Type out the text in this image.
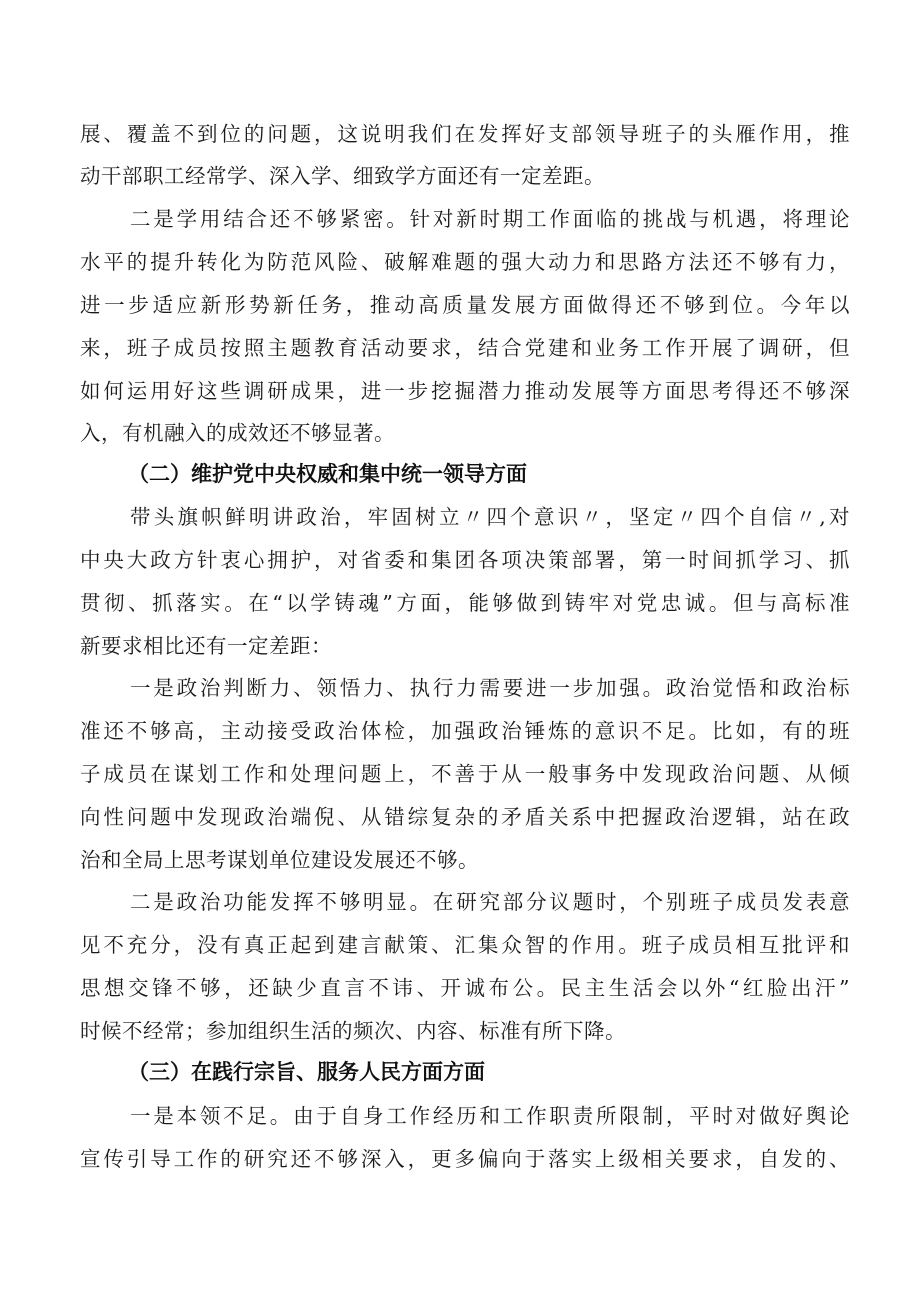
展、覆盖不到位的问题，这说明我们在发挥好支部领导班子的头雁作用，推
动干部职工经常学、深入学、细致学方面还有一定差距。
二是学用结合还不够紧密。针对新时期工作面临的挑战与机遇，将理论
水平的提升转化为防范风险、破解难题的强大动力和思路方法还不够有力，
进一步适应新形势新任务，推动高质量发展方面做得还不够到位。今年以
来，班子成员按照主题教育活动要求，结合党建和业务工作开展了调研，但
如何运用好这些调研成果，进一步挖掘潜力推动发展等方面思考得还不够深
入，有机融入的成效还不够显著。
（二）维护党中央权威和集中统一领导方面
带头旗帜鲜明讲政治，牢固树立〃四个意识〃，坚定〃四个自信〃,对
中央大政方针衷心拥护，对省委和集团各项决策部署，第一时间抓学习、抓
贯彻、抓落实。在“以学铸魂”方面，能够做到铸牢对党忠诚。但与高标准
新要求相比还有一定差距：
一是政治判断力、领悟力、执行力需要进一步加强。政治觉悟和政治标
准还不够高，主动接受政治体检，加强政治锤炼的意识不足。比如，有的班
子成员在谋划工作和处理问题上，不善于从一般事务中发现政治问题、从倾
向性问题中发现政治端倪、从错综复杂的矛盾关系中把握政治逻辑，站在政
治和全局上思考谋划单位建设发展还不够。
二是政治功能发挥不够明显。在研究部分议题时，个别班子成员发表意
见不充分，没有真正起到建言献策、汇集众智的作用。班子成员相互批评和
思想交锋不够，还缺少直言不讳、开诚布公。民主生活会以外“红脸出汗”
时候不经常；参加组织生活的频次、内容、标准有所下降。
（三）在践行宗旨、服务人民方面方面
一是本领不足。由于自身工作经历和工作职责所限制，平时对做好舆论
宣传引导工作的研究还不够深入，更多偏向于落实上级相关要求，自发的、
